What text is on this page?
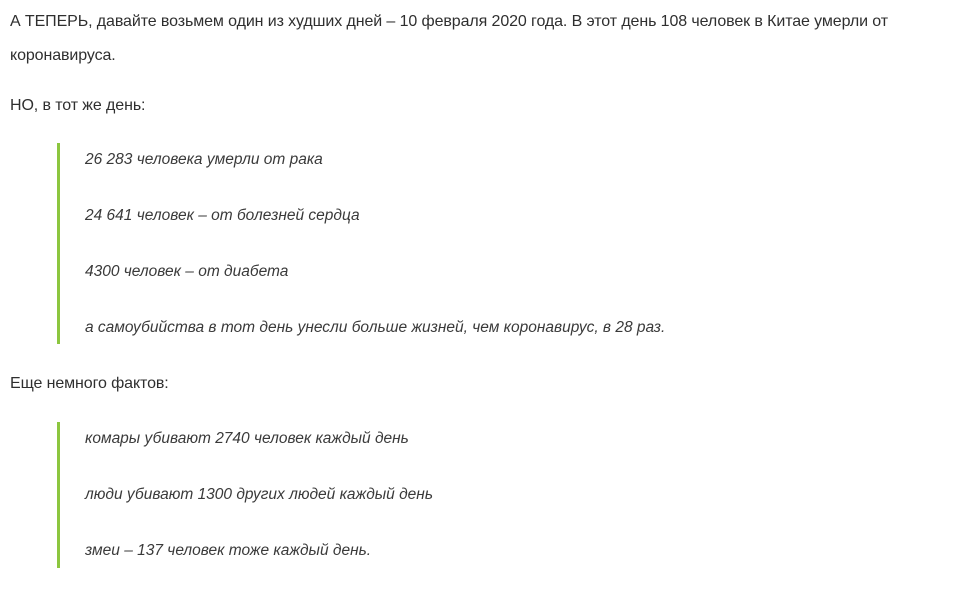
А ТЕПЕРЬ, давайте возьмем один из худших дней – 10 февраля 2020 года. В этот день 108 человек в Китае умерли от коронавируса.

НО, в тот же день:

26 283 человека умерли от рака
24 641 человек – от болезней сердца
4300 человек – от диабета
а самоубийства в тот день унесли больше жизней, чем коронавирус, в 28 раз.

Еще немного фактов:

комары убивают 2740 человек каждый день
люди убивают 1300 других людей каждый день
змеи – 137 человек тоже каждый день.
